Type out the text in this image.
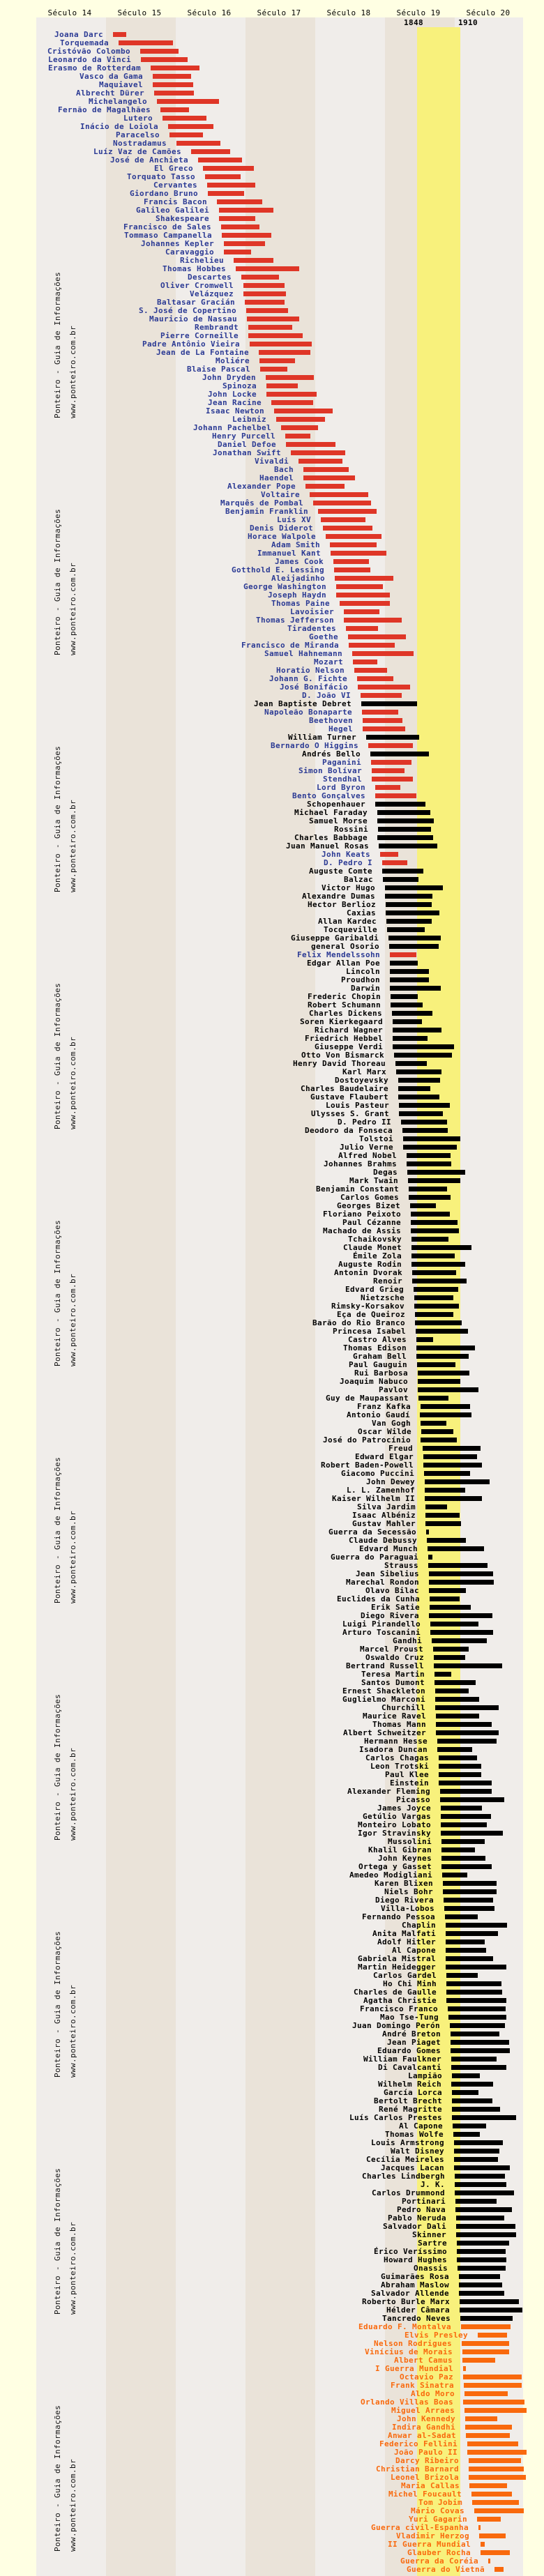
Século 14	Século 15	Século 16	Século 17	Século 18	Século 19	Século 20
1848	1910
Ponteiro - Guia de Informações www.ponteiro.com.br
Ponteiro - Guia de Informações www.ponteiro.com.br
Ponteiro - Guia de Informações www.ponteiro.com.br
Ponteiro - Guia de Informações www.ponteiro.com.br
Ponteiro - Guia de Informações www.ponteiro.com.br
Ponteiro - Guia de Informações www.ponteiro.com.br
Ponteiro - Guia de Informações www.ponteiro.com.br
Ponteiro - Guia de Informações www.ponteiro.com.br
Ponteiro - Guia de Informações www.ponteiro.com.br
Ponteiro - Guia de Informações www.ponteiro.com.br
Joana Darc
Torquemada
Cristóvão Colombo
Leonardo da Vinci
Erasmo de Rotterdam
Vasco da Gama
Maquiavel
Albrecht Dürer
Michelangelo
Fernão de Magalhães
Lutero
Inácio de Loiola
Paracelso
Nostradamus
Luíz Vaz de Camões
José de Anchieta
El Greco
Torquato Tasso
Cervantes
Giordano Bruno
Francis Bacon
Galileo Galilei
Shakespeare
Francisco de Sales
Tommaso Campanella
Johannes Kepler
Caravaggio
Richelieu
Thomas Hobbes
Descartes
Oliver Cromwell
Velázquez
Baltasar Gracián
S. José de Copertino
Mauricio de Nassau
Rembrandt
Pierre Corneille
Padre Antônio Vieira
Jean de La Fontaine
Moliére
Blaise Pascal
John Dryden
Spinoza
John Locke
Jean Racine
Isaac Newton
Leibniz
Johann Pachelbel
Henry Purcell
Daniel Defoe
Jonathan Swift
Vivaldi
Bach
Haendel
Alexander Pope
Voltaire
Marquês de Pombal
Benjamin Franklin
Luís XV
Denis Diderot
Horace Walpole
Adam Smith
Immanuel Kant
James Cook
Gotthold E. Lessing
Aleijadinho
George Washington
Joseph Haydn
Thomas Paine
Lavoisier
Thomas Jefferson
Tiradentes
Goethe
Francisco de Miranda
Samuel Hahnemann
Mozart
Horatio Nelson
Johann G. Fichte
José Bonifácio
D. João VI
Jean Baptiste Debret
Napoleão Bonaparte
Beethoven
Hegel
William Turner
Bernardo O Higgins
Andrés Bello
Paganini
Simon Bolívar
Stendhal
Lord Byron
Bento Gonçalves
Schopenhauer
Michael Faraday
Samuel Morse
Rossini
Charles Babbage
Juan Manuel Rosas
John Keats
D. Pedro I
Auguste Comte
Balzac
Victor Hugo
Alexandre Dumas
Hector Berlioz
Caxias
Allan Kardec
Tocqueville
Giuseppe Garibaldi
general Osorio
Felix Mendelssohn
Edgar Allan Poe
Lincoln
Proudhon
Darwin
Frederic Chopin
Robert Schumann
Charles Dickens
Soren Kierkegaard
Richard Wagner
Friedrich Hebbel
Giuseppe Verdi
Otto Von Bismarck
Henry David Thoreau
Karl Marx
Dostoyevsky
Charles Baudelaire
Gustave Flaubert
Louis Pasteur
Ulysses S. Grant
D. Pedro II
Deodoro da Fonseca
Tolstoi
Julio Verne
Alfred Nobel
Johannes Brahms
Degas
Mark Twain
Benjamin Constant
Carlos Gomes
Georges Bizet
Floriano Peixoto
Paul Cézanne
Machado de Assis
Tchaikovsky
Claude Monet
Émile Zola
Auguste Rodin
Antonin Dvorak
Renoir
Edvard Grieg
Nietzsche
Rimsky-Korsakov
Eça de Queiroz
Barão do Rio Branco
Princesa Isabel
Castro Alves
Thomas Edison
Graham Bell
Paul Gauguin
Rui Barbosa
Joaquim Nabuco
Pavlov
Guy de Maupassant
Franz Kafka
Antonio Gaudí
Van Gogh
Oscar Wilde
José do Patrocínio
Freud
Edward Elgar
Robert Baden-Powell
Giacomo Puccini
John Dewey
L. L. Zamenhof
Kaiser Wilhelm II
Silva Jardim
Isaac Albéniz
Gustav Mahler
Guerra da Secessão
Claude Debussy
Edvard Munch
Guerra do Paraguai
Strauss
Jean Sibelius
Marechal Rondon
Olavo Bilac
Euclides da Cunha
Erik Satie
Diego Rivera
Luigi Pirandello
Arturo Toscanini
Gandhi
Marcel Proust
Oswaldo Cruz
Bertrand Russell
Teresa Martin
Santos Dumont
Ernest Shackleton
Guglielmo Marconi
Churchill
Maurice Ravel
Thomas Mann
Albert Schweitzer
Hermann Hesse
Isadora Duncan
Carlos Chagas
Leon Trotski
Paul Klee
Einstein
Alexander Fleming
Picasso
James Joyce
Getúlio Vargas
Monteiro Lobato
Igor Stravinsky
Mussolini
Khalil Gibran
John Keynes
Ortega y Gasset
Amedeo Modigliani
Karen Blixen
Niels Bohr
Diego Rivera
Villa-Lobos
Fernando Pessoa
Chaplin
Anita Malfati
Adolf Hitler
Al Capone
Gabriela Mistral
Martin Heidegger
Carlos Gardel
Ho Chi Minh
Charles de Gaulle
Agatha Christie
Francisco Franco
Mao Tse-Tung
Juan Domingo Perón
André Breton
Jean Piaget
Eduardo Gomes
William Faulkner
Di Cavalcanti
Lampião
Wilhelm Reich
García Lorca
Bertolt Brecht
René Magritte
Luís Carlos Prestes
Al Capone
Thomas Wolfe
Louis Armstrong
Walt Disney
Cecília Meireles
Jacques Lacan
Charles Lindbergh
J. K.
Carlos Drummond
Portinari
Pedro Nava
Pablo Neruda
Salvador Dali
Skinner
Sartre
Érico Veríssimo
Howard Hughes
Onassis
Guimarães Rosa
Abraham Maslow
Salvador Allende
Roberto Burle Marx
Hélder Câmara
Tancredo Neves
Eduardo F. Montalva
Elvis Presley
Nelson Rodrigues
Vinícius de Morais
Albert Camus
I Guerra Mundial
Octavio Paz
Frank Sinatra
Aldo Moro
Orlando Villas Boas
Miguel Arraes
John Kennedy
Indira Gandhi
Anwar al-Sadat
Federico Fellini
João Paulo II
Darcy Ribeiro
Christian Barnard
Leonel Brizola
Maria Callas
Michel Foucault
Tom Jobim
Mário Covas
Yuri Gagarin
Guerra civil-Espanha
Vladimir Herzog
II Guerra Mundial
Glauber Rocha
Guerra da Coréia
Guerra do Vietnã
